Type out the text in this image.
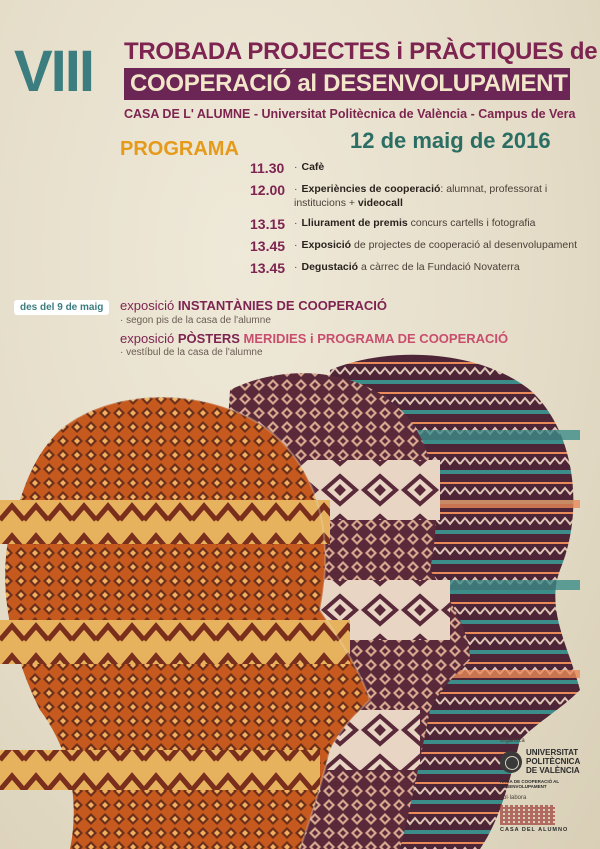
VIII TROBADA PROJECTES i PRÀCTIQUES de
COOPERACIÓ al DESENVOLUPAMENT
CASA DE L' ALUMNE - Universitat Politècnica de València - Campus de Vera
PROGRAMA	12 de maig de 2016
11.30 · Cafè
12.00 · Experiències de cooperació: alumnat, professorat i institucions + videocall
13.15 · Lliurament de premis concurs cartells i fotografia
13.45 · Exposició de projectes de cooperació al desenvolupament
13.45 · Degustació a càrrec de la Fundació Novaterra
des del 9 de maig	exposició INSTANTÀNIES DE COOPERACIÓ
· segon pis de la casa de l'alumne
exposició PÒSTERS MERIDIES i PROGRAMA DE COOPERACIÓ
· vestíbul de la casa de l'alumne
organitza
UNIVERSITAT
POLITÈCNICA
DE VALÈNCIA
ÀREA DE COOPERACIÓ AL DESENVOLUPAMENT
col·labora
CASA DEL ALUMNO
